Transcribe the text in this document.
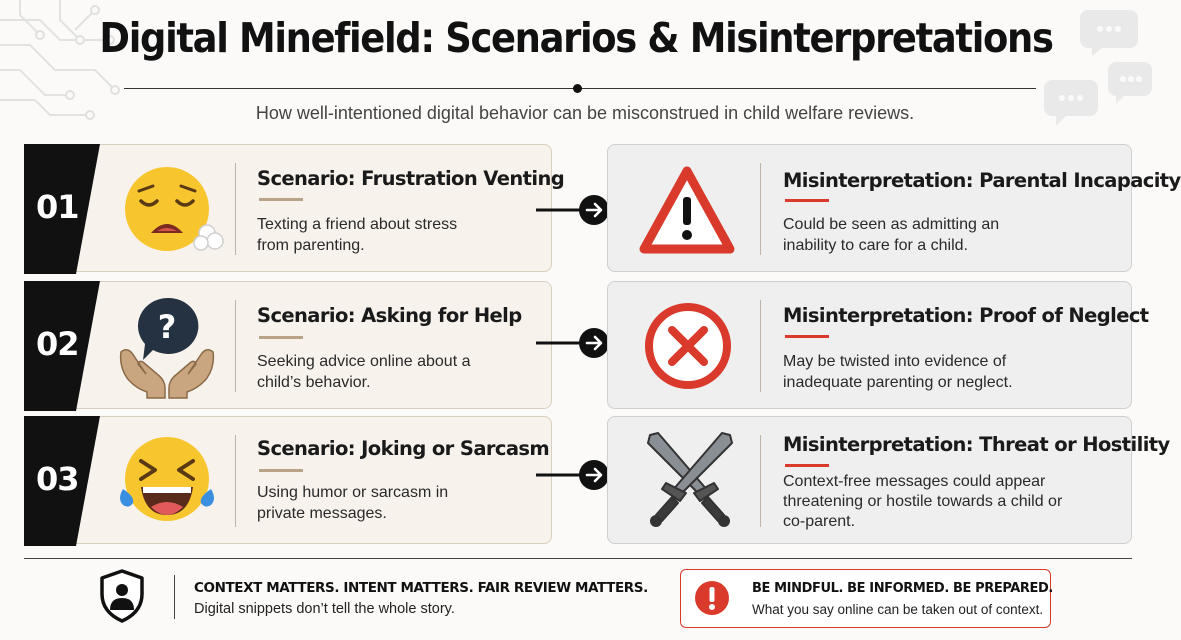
Digital Minefield: Scenarios & Misinterpretations
How well-intentioned digital behavior can be misconstrued in child welfare reviews.
01
Scenario: Frustration Venting
Texting a friend about stress from parenting.
Misinterpretation: Parental Incapacity
Could be seen as admitting an inability to care for a child.
02 ?	Scenario: Asking for Help
Seeking advice online about a child’s behavior.
Misinterpretation: Proof of Neglect
May be twisted into evidence of inadequate parenting or neglect.
03
Scenario: Joking or Sarcasm
Using humor or sarcasm in private messages.
Misinterpretation: Threat or Hostility
Context-free messages could appear threatening or hostile towards a child or co-parent.
CONTEXT MATTERS. INTENT MATTERS. FAIR REVIEW MATTERS.
Digital snippets don’t tell the whole story.
BE MINDFUL. BE INFORMED. BE PREPARED.
What you say online can be taken out of context.
